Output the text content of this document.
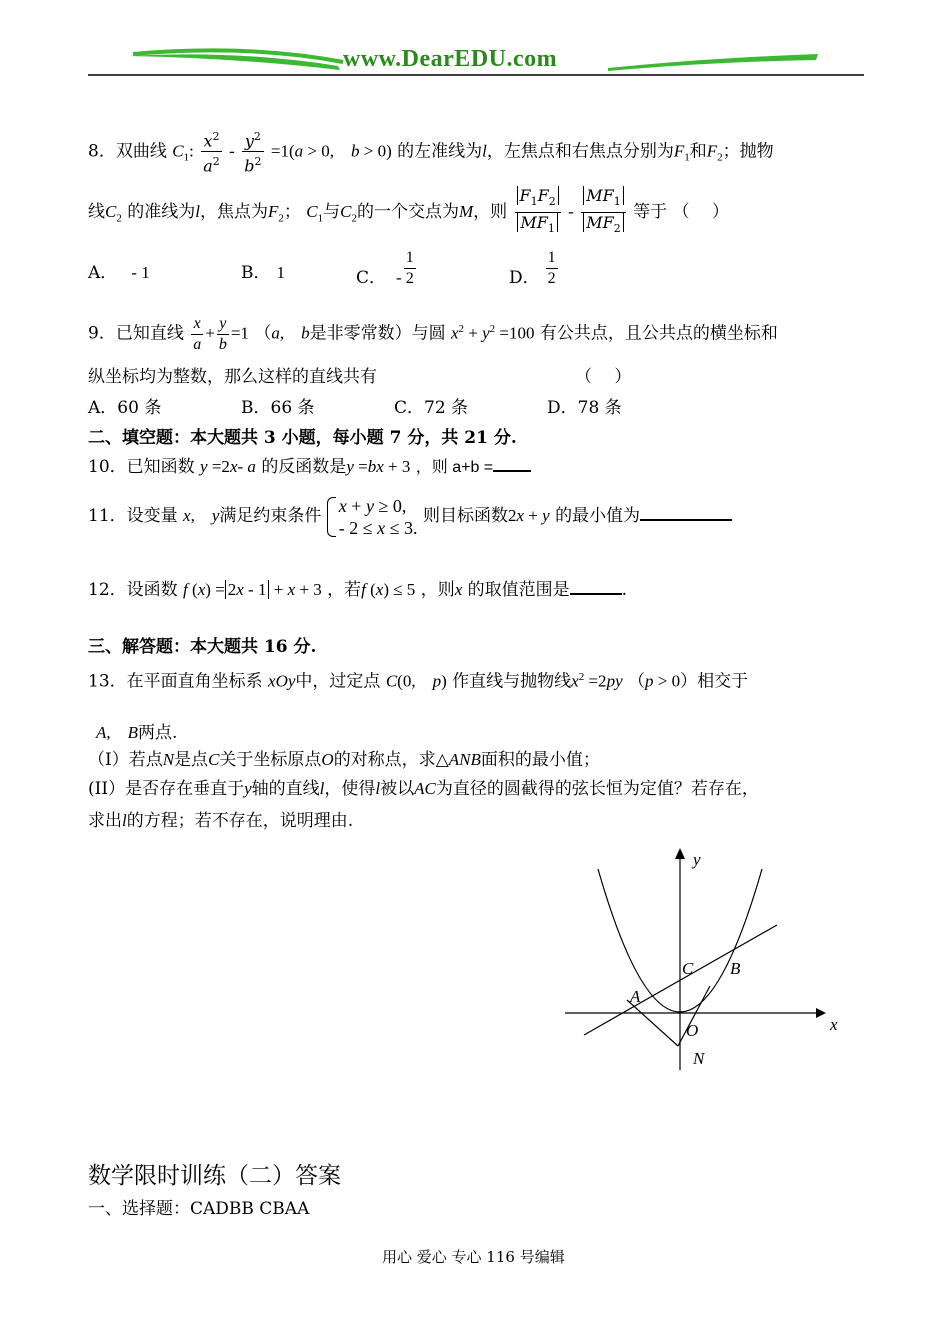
www.DearEDU.com
8．双曲线 $C_1$: $\frac{x^2}{a^2} - \frac{y^2}{b^2} =1(a > 0$,　b > 0) 的左准线为l，左焦点和右焦点分别为$F_1$和$F_2$；抛物
线$C_2$ 的准线为l，焦点为$F_2$； $C_1$与$C_2$的一个交点为M，则 $\frac{F_1F_2}{MF_1} - \frac{MF_1}{MF_2}$ 等于 （　 ）
A． - 1	B． 1	C． - $\frac{1}{2}$	D． $\frac{1}{2}$
9．已知直线 $\frac{x}{a} + \frac{y}{b} =1$ （a,　b是非零常数）与圆 $x^2 + y^2 =100$ 有公共点，且公共点的横坐标和
纵坐标均为整数，那么这样的直线共有	（　 ）
A．60 条	B．66 条	C．72 条	D．78 条
二、填空题：本大题共 3 小题，每小题 7 分，共 21 分.
10．已知函数 y =2x- a 的反函数是y =bx + 3 ，则 a+b =
11．设变量 x,　y满足约束条件
x + y ≥ 0,
- 2 ≤ x ≤ 3.
则目标函数2x + y 的最小值为
12．设函数 f (x) = 2x - 1 + x + 3 ，若f (x) ≤ 5 ，则x 的取值范围是	.
三、解答题：本大题共 16 分.
13．在平面直角坐标系 xOy中，过定点 C(0,　p) 作直线与抛物线$x^2 =2py$ （p > 0）相交于
A,　B两点.
（I）若点N是点C关于坐标原点O的对称点，求△ANB面积的最小值；
(II）是否存在垂直于y轴的直线l，使得l被以AC为直径的圆截得的弦长恒为定值？若存在，
求出l的方程；若不存在，说明理由.
y
x
C B
A
O
N
数学限时训练（二）答案
一、选择题：CADBB CBAA
用心 爱心 专心 116 号编辑
